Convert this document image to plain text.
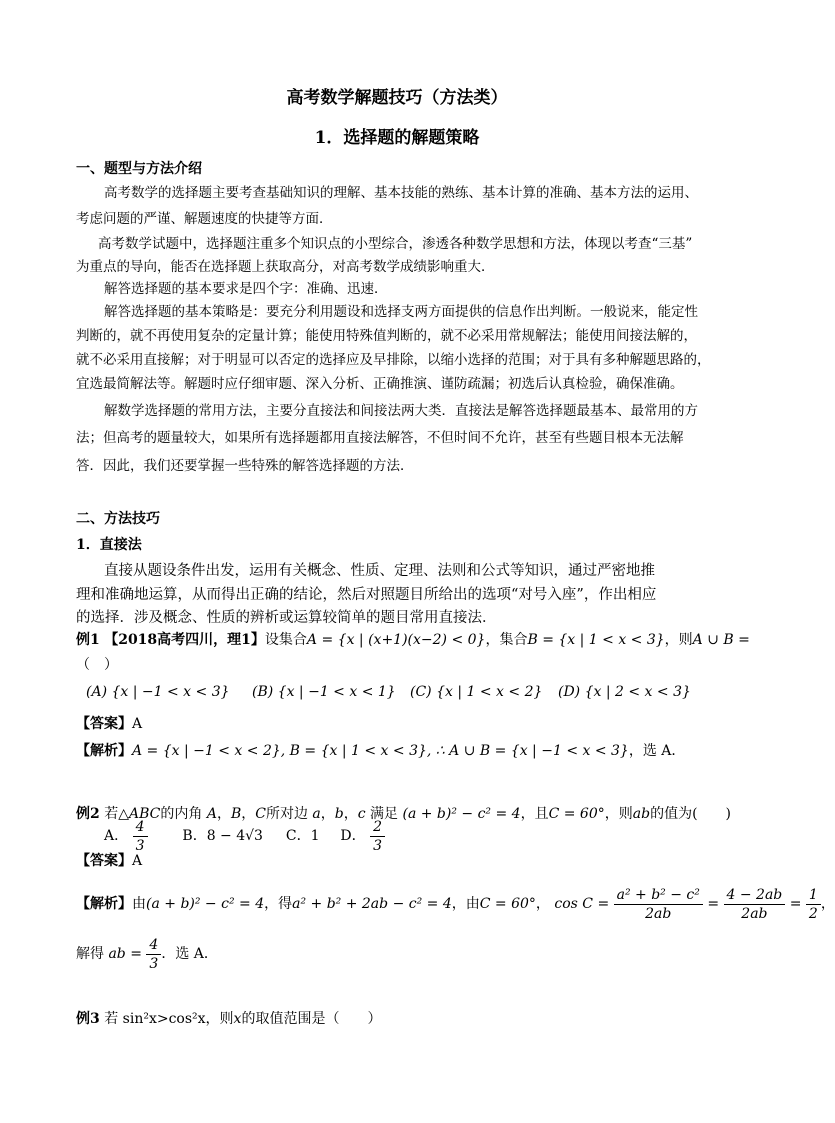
高考数学解题技巧（方法类）
1．选择题的解题策略
一、题型与方法介绍
高考数学的选择题主要考查基础知识的理解、基本技能的熟练、基本计算的准确、基本方法的运用、
考虑问题的严谨、解题速度的快捷等方面．
高考数学试题中，选择题注重多个知识点的小型综合，渗透各种数学思想和方法，体现以考查“三基”
为重点的导向，能否在选择题上获取高分，对高考数学成绩影响重大．
解答选择题的基本要求是四个字：准确、迅速．
解答选择题的基本策略是：要充分利用题设和选择支两方面提供的信息作出判断。一般说来，能定性
判断的，就不再使用复杂的定量计算；能使用特殊值判断的，就不必采用常规解法；能使用间接法解的，
就不必采用直接解；对于明显可以否定的选择应及早排除，以缩小选择的范围；对于具有多种解题思路的，
宜选最简解法等。解题时应仔细审题、深入分析、正确推演、谨防疏漏；初选后认真检验，确保准确。
解数学选择题的常用方法，主要分直接法和间接法两大类．直接法是解答选择题最基本、最常用的方
法；但高考的题量较大，如果所有选择题都用直接法解答，不但时间不允许，甚至有些题目根本无法解
答．因此，我们还要掌握一些特殊的解答选择题的方法．
二、方法技巧
1．直接法
直接从题设条件出发，运用有关概念、性质、定理、法则和公式等知识，通过严密地推
理和准确地运算，从而得出正确的结论，然后对照题目所给出的选项“对号入座”，作出相应
的选择．涉及概念、性质的辨析或运算较简单的题目常用直接法．
例1 【2018高考四川，理1】设集合A = {x | (x+1)(x−2) < 0}，集合B = {x | 1 < x < 3}，则A ∪ B =
（　）
(A) {x | −1 < x < 3} (B) {x | −1 < x < 1} (C) {x | 1 < x < 2} (D) {x | 2 < x < 3}
【答案】A
【解析】A = {x | −1 < x < 2}, B = {x | 1 < x < 3}, ∴ A ∪ B = {x | −1 < x < 3}，选 A．
例2 若△ABC的内角 A，B，C所对边 a，b，c 满足 (a + b)² − c² = 4，且C = 60°，则ab的值为(　　)
A． $\frac{4}{3}$ B．8 − 4√3 C．1 D． $\frac{2}{3}$
【答案】A
【解析】由(a + b)² − c² = 4，得a² + b² + 2ab − c² = 4，由C = 60°， $\cos C = \frac{\text{a² + b² − c²}}{2ab} = \frac{4 - 2ab}{2ab} = \frac{1}{2}$ ，
解得 ab = $\frac{4}{3}$ ．选 A．
例3 若 sin²x>cos²x，则x的取值范围是（　　）
